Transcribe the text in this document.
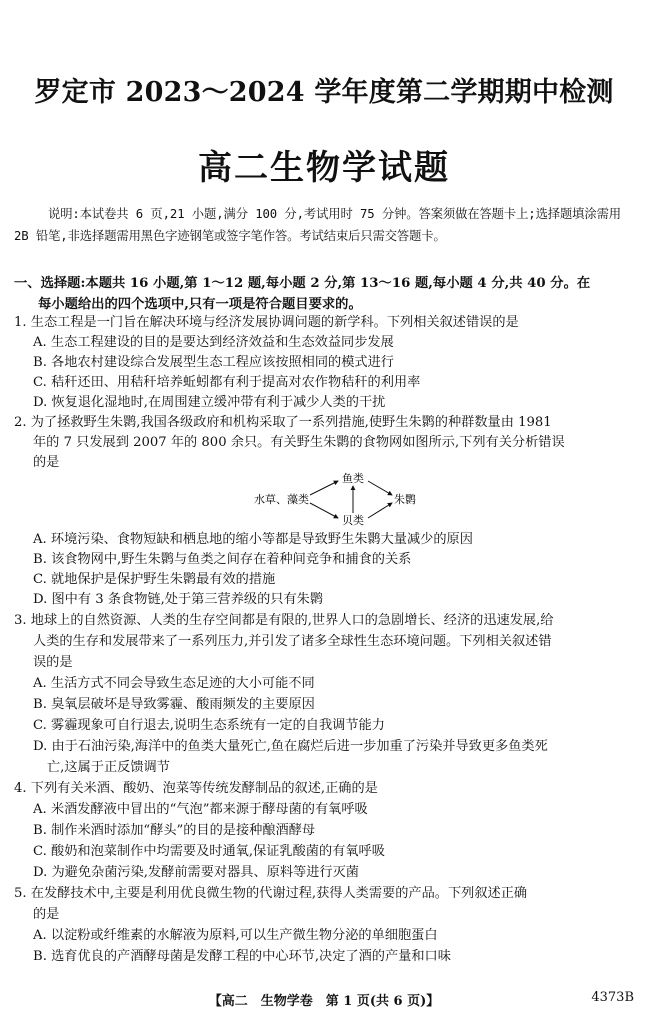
罗定市 2023～2024 学年度第二学期期中检测
高二生物学试题
说明:本试卷共 6 页,21 小题,满分 100 分,考试用时 75 分钟。答案须做在答题卡上;选择题填涂需用 2B 铅笔,非选择题需用黑色字迹钢笔或签字笔作答。考试结束后只需交答题卡。
一、选择题:本题共 16 小题,第 1～12 题,每小题 2 分,第 13～16 题,每小题 4 分,共 40 分。在
每小题给出的四个选项中,只有一项是符合题目要求的。
1. 生态工程是一门旨在解决环境与经济发展协调问题的新学科。下列相关叙述错误的是
A. 生态工程建设的目的是要达到经济效益和生态效益同步发展
B. 各地农村建设综合发展型生态工程应该按照相同的模式进行
C. 秸秆还田、用秸秆培养蚯蚓都有利于提高对农作物秸秆的利用率
D. 恢复退化湿地时,在周围建立缓冲带有利于减少人类的干扰
2. 为了拯救野生朱鹮,我国各级政府和机构采取了一系列措施,使野生朱鹮的种群数量由 1981
年的 7 只发展到 2007 年的 800 余只。有关野生朱鹮的食物网如图所示,下列有关分析错误
的是
水草、藻类
鱼类
贝类
朱鹮
A. 环境污染、食物短缺和栖息地的缩小等都是导致野生朱鹮大量减少的原因
B. 该食物网中,野生朱鹮与鱼类之间存在着种间竞争和捕食的关系
C. 就地保护是保护野生朱鹮最有效的措施
D. 图中有 3 条食物链,处于第三营养级的只有朱鹮
3. 地球上的自然资源、人类的生存空间都是有限的,世界人口的急剧增长、经济的迅速发展,给
人类的生存和发展带来了一系列压力,并引发了诸多全球性生态环境问题。下列相关叙述错
误的是
A. 生活方式不同会导致生态足迹的大小可能不同
B. 臭氧层破坏是导致雾霾、酸雨频发的主要原因
C. 雾霾现象可自行退去,说明生态系统有一定的自我调节能力
D. 由于石油污染,海洋中的鱼类大量死亡,鱼在腐烂后进一步加重了污染并导致更多鱼类死
亡,这属于正反馈调节
4. 下列有关米酒、酸奶、泡菜等传统发酵制品的叙述,正确的是
A. 米酒发酵液中冒出的“气泡”都来源于酵母菌的有氧呼吸
B. 制作米酒时添加“酵头”的目的是接种酿酒酵母
C. 酸奶和泡菜制作中均需要及时通氧,保证乳酸菌的有氧呼吸
D. 为避免杂菌污染,发酵前需要对器具、原料等进行灭菌
5. 在发酵技术中,主要是利用优良微生物的代谢过程,获得人类需要的产品。下列叙述正确
的是
A. 以淀粉或纤维素的水解液为原料,可以生产微生物分泌的单细胞蛋白
B. 选育优良的产酒酵母菌是发酵工程的中心环节,决定了酒的产量和口味
【高二　生物学卷　第 1 页(共 6 页)】	4373B
